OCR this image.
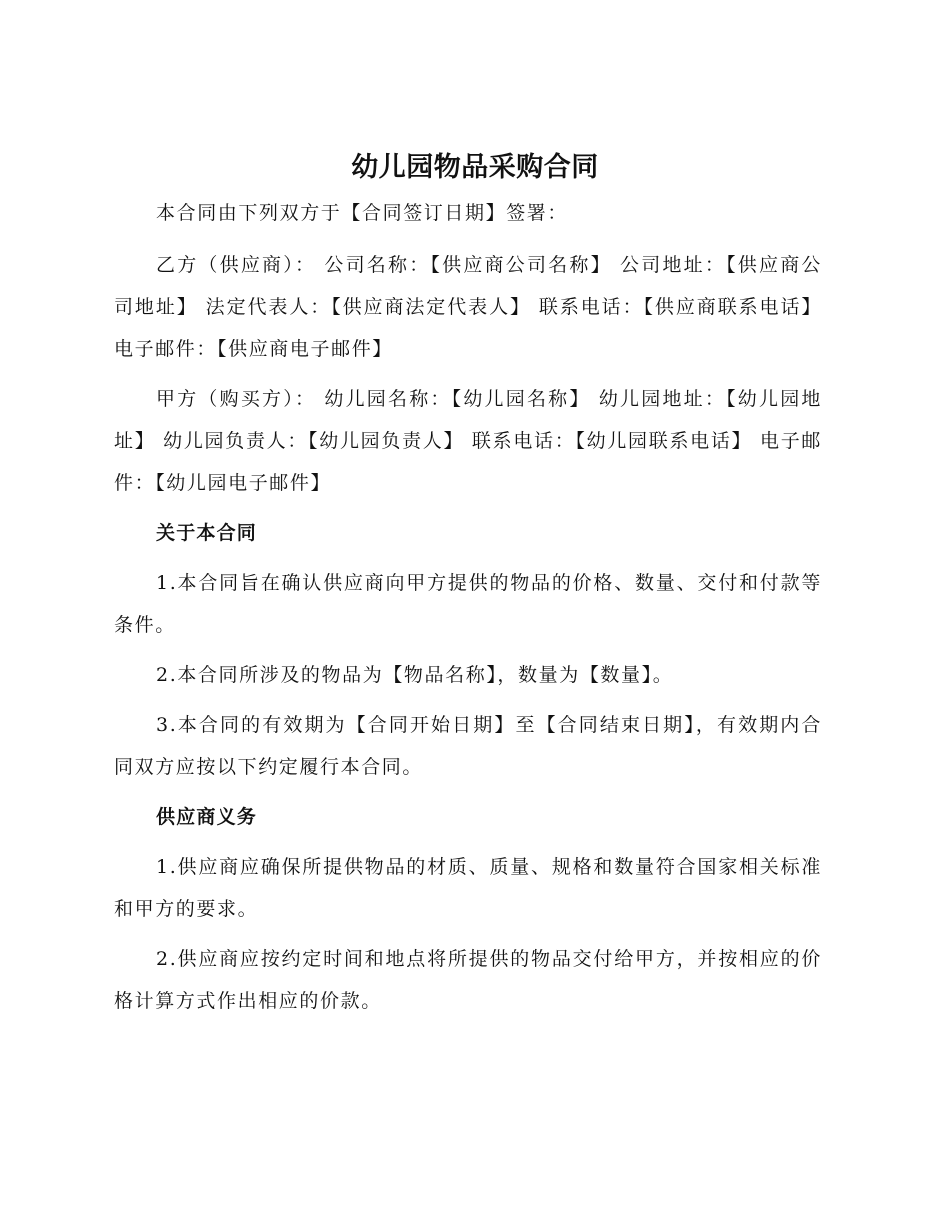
幼儿园物品采购合同

本合同由下列双方于【合同签订日期】签署：

乙方（供应商）： 公司名称：【供应商公司名称】 公司地址：【供应商公司地址】 法定代表人：【供应商法定代表人】 联系电话：【供应商联系电话】 电子邮件：【供应商电子邮件】

甲方（购买方）： 幼儿园名称：【幼儿园名称】 幼儿园地址：【幼儿园地址】 幼儿园负责人：【幼儿园负责人】 联系电话：【幼儿园联系电话】 电子邮件：【幼儿园电子邮件】

关于本合同

1.本合同旨在确认供应商向甲方提供的物品的价格、数量、交付和付款等条件。

2.本合同所涉及的物品为【物品名称】，数量为【数量】。

3.本合同的有效期为【合同开始日期】至【合同结束日期】，有效期内合同双方应按以下约定履行本合同。

供应商义务

1.供应商应确保所提供物品的材质、质量、规格和数量符合国家相关标准和甲方的要求。

2.供应商应按约定时间和地点将所提供的物品交付给甲方，并按相应的价格计算方式作出相应的价款。
